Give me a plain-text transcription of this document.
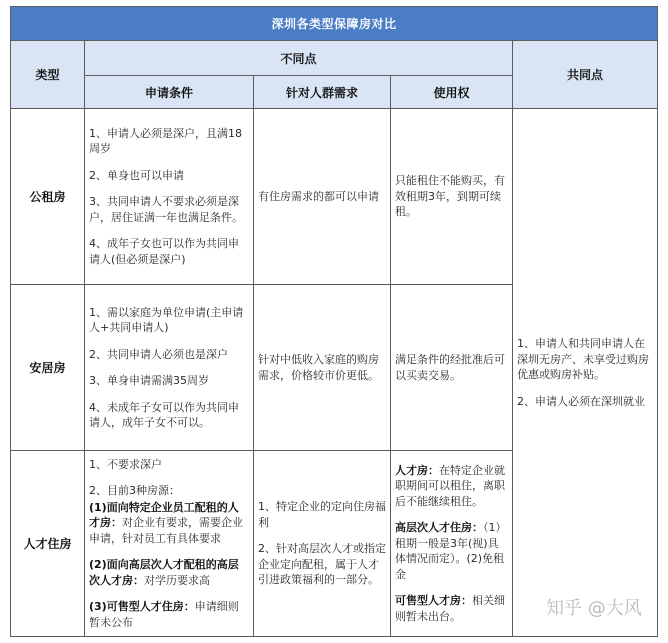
深圳各类型保障房对比
类型
不同点
共同点
申请条件	针对人群需求	使用权
公租房

1、申请人必须是深户，且满18周岁

2、单身也可以申请

3、共同申请人不要求必须是深户，居住证满一年也满足条件。

4、成年子女也可以作为共同申请人(但必须是深户)

有住房需求的都可以申请

只能租住不能购买，有效租期3年，到期可续租。

安居房

1、需以家庭为单位申请(主申请人+共同申请人)

2、共同申请人必须也是深户

3、单身申请需满35周岁

4、未成年子女可以作为共同申请人，成年子女不可以。

针对中低收入家庭的购房需求，价格较市价更低。

满足条件的经批准后可以买卖交易。

人才住房

1、不要求深户

2、目前3种房源：

(1)面向特定企业员工配租的人才房：对企业有要求，需要企业申请，针对员工有具体要求

(2)面向高层次人才配租的高层次人才房：对学历要求高

(3)可售型人才住房：申请细则暂未公布

1、特定企业的定向住房福利

2、针对高层次人才或指定企业定向配租，属于人才引进政策福利的一部分。

人才房：在特定企业就职期间可以租住，离职后不能继续租住。

高层次人才住房：（1）租期一般是3年(视)具体情况而定）。(2)免租金

可售型人才房：相关细则暂未出台。

1、申请人和共同申请人在深圳无房产、未享受过购房优惠或购房补贴。

2、申请人必须在深圳就业

知乎 @大风
